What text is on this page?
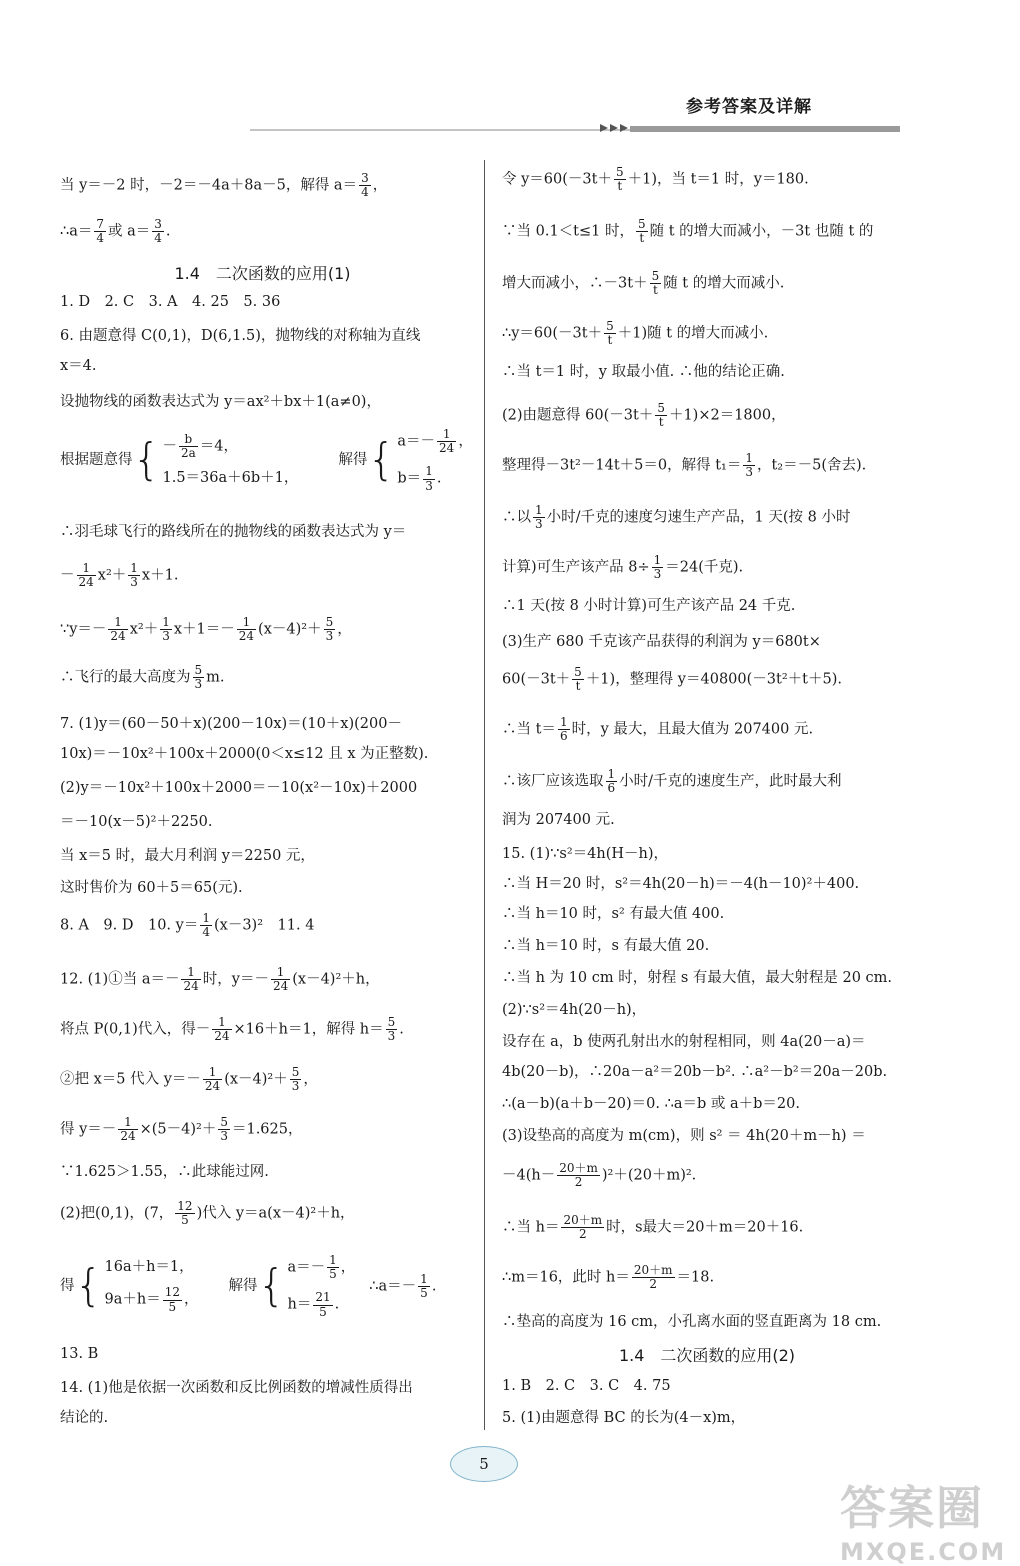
参考答案及详解
当 y＝－2 时，－2＝－4a＋8a－5，解得 $a= \frac{3}{4}$ ，
∴a＝ $\frac{7}{4}$ 或 $a= \frac{3}{4}$ .
1.4　二次函数的应用(1)
1. D　2. C　3. A　4. 25　5. 36
6. 由题意得 C(0,1)，D(6,1.5)，抛物线的对称轴为直线
x＝4.
设抛物线的函数表达式为 y＝ax²＋bx＋1(a≠0)，
根据题意得 { － $\frac{b}{2a} =4$，
1.5＝36a＋6b＋1，
解得 { $a=- \frac{1}{24}$ ，
$b= \frac{1}{3}$ .
∴羽毛球飞行的路线所在的抛物线的函数表达式为 y＝
－ $\frac{1}{24} x^2+ \frac{1}{3} x+1$.
∵y＝－ $\frac{1}{24} x^2+ \frac{1}{3} x+1=- \frac{1}{24} (x-4)^2+ \frac{5}{3}$ ，
∴飞行的最大高度为 $\frac{5}{3} m$.
7. (1)y＝(60－50＋x)(200－10x)＝(10＋x)(200－
10x)＝－10x²＋100x＋2000(0＜x≤12 且 x 为正整数).
(2)y＝－10x²＋100x＋2000＝－10(x²－10x)＋2000
＝－10(x－5)²＋2250.
当 x＝5 时，最大月利润 y＝2250 元，
这时售价为 60＋5＝65(元).
8. A　9. D　10. $y= \frac{1}{4} (x-3)^2$　11. 4
12. (1)①当 $a=- \frac{1}{24}$ 时，$y=- \frac{1}{24} (x-4)^2+h$，
将点 P(0,1)代入，得－ $\frac{1}{24} \times 16+h=1$，解得 $h= \frac{5}{3}$ .
②把 x＝5 代入 $y=- \frac{1}{24} (x-4)^2+ \frac{5}{3}$ ，
得 $y=- \frac{1}{24} \times(5-4)^2+ \frac{5}{3} =1.625$，
∵1.625＞1.55，∴此球能过网.
(2)把(0,1)，(7， $\frac{12}{5}$ )代入 y＝a(x－4)²＋h，
得 { 16a＋h＝1，
$9a+h= \frac{12}{5}$ ，
解得 { $a=- \frac{1}{5}$ ，
$h= \frac{21}{5}$ .
∴a＝－ $\frac{1}{5}$ .
13. B
14. (1)他是依据一次函数和反比例函数的增减性质得出
结论的.
令 $y=60(-3t+ \frac{5}{t} +1)$，当 t＝1 时，y＝180.
∵当 0.1＜t≤1 时， $\frac{5}{t}$ 随 t 的增大而减小，－3t 也随 t 的
增大而减小，∴－3t＋ $\frac{5}{t}$ 随 t 的增大而减小.
∴y＝60(－3t＋ $\frac{5}{t} +1$)随 t 的增大而减小.
∴当 t＝1 时，y 取最小值. ∴他的结论正确.
(2)由题意得 $60(-3t+ \frac{5}{t} +1)\times 2=1800$，
整理得－3t²－14t＋5＝0，解得 $t_1= \frac{1}{3}$ ，t₂＝－5(舍去).
∴以 $\frac{1}{3}$ 小时/千克的速度匀速生产产品，1 天(按 8 小时
计算)可生产该产品 $8\div \frac{1}{3} =24$(千克).
∴1 天(按 8 小时计算)可生产该产品 24 千克.
(3)生产 680 千克该产品获得的利润为 y＝680t×
$60(-3t+ \frac{5}{t} +1)$，整理得 y＝40800(－3t²＋t＋5).
∴当 $t= \frac{1}{6}$ 时，y 最大，且最大值为 207400 元.
∴该厂应该选取 $\frac{1}{6}$ 小时/千克的速度生产，此时最大利
润为 207400 元.
15. (1)∵s²＝4h(H－h)，
∴当 H＝20 时，s²＝4h(20－h)＝－4(h－10)²＋400.
∴当 h＝10 时，s² 有最大值 400.
∴当 h＝10 时，s 有最大值 20.
∴当 h 为 10 cm 时，射程 s 有最大值，最大射程是 20 cm.
(2)∵s²＝4h(20－h)，
设存在 a，b 使两孔射出水的射程相同，则 4a(20－a)＝
4b(20－b)，∴20a－a²＝20b－b². ∴a²－b²＝20a－20b.
∴(a－b)(a＋b－20)＝0. ∴a＝b 或 a＋b＝20.
(3)设垫高的高度为 m(cm)，则 s² ＝ 4h(20＋m－h) ＝
$-4(h- \frac{20+m}{2} )^2+(20+m)^2$.
∴当 $h= \frac{20+m}{2}$ 时，s最大＝20＋m＝20＋16.
∴m＝16，此时 $h= \frac{20+m}{2} =18$.
∴垫高的高度为 16 cm，小孔离水面的竖直距离为 18 cm.
1.4　二次函数的应用(2)
1. B　2. C　3. C　4. 75
5. (1)由题意得 BC 的长为(4－x)m，
5
答案圈
MXQE.COM
